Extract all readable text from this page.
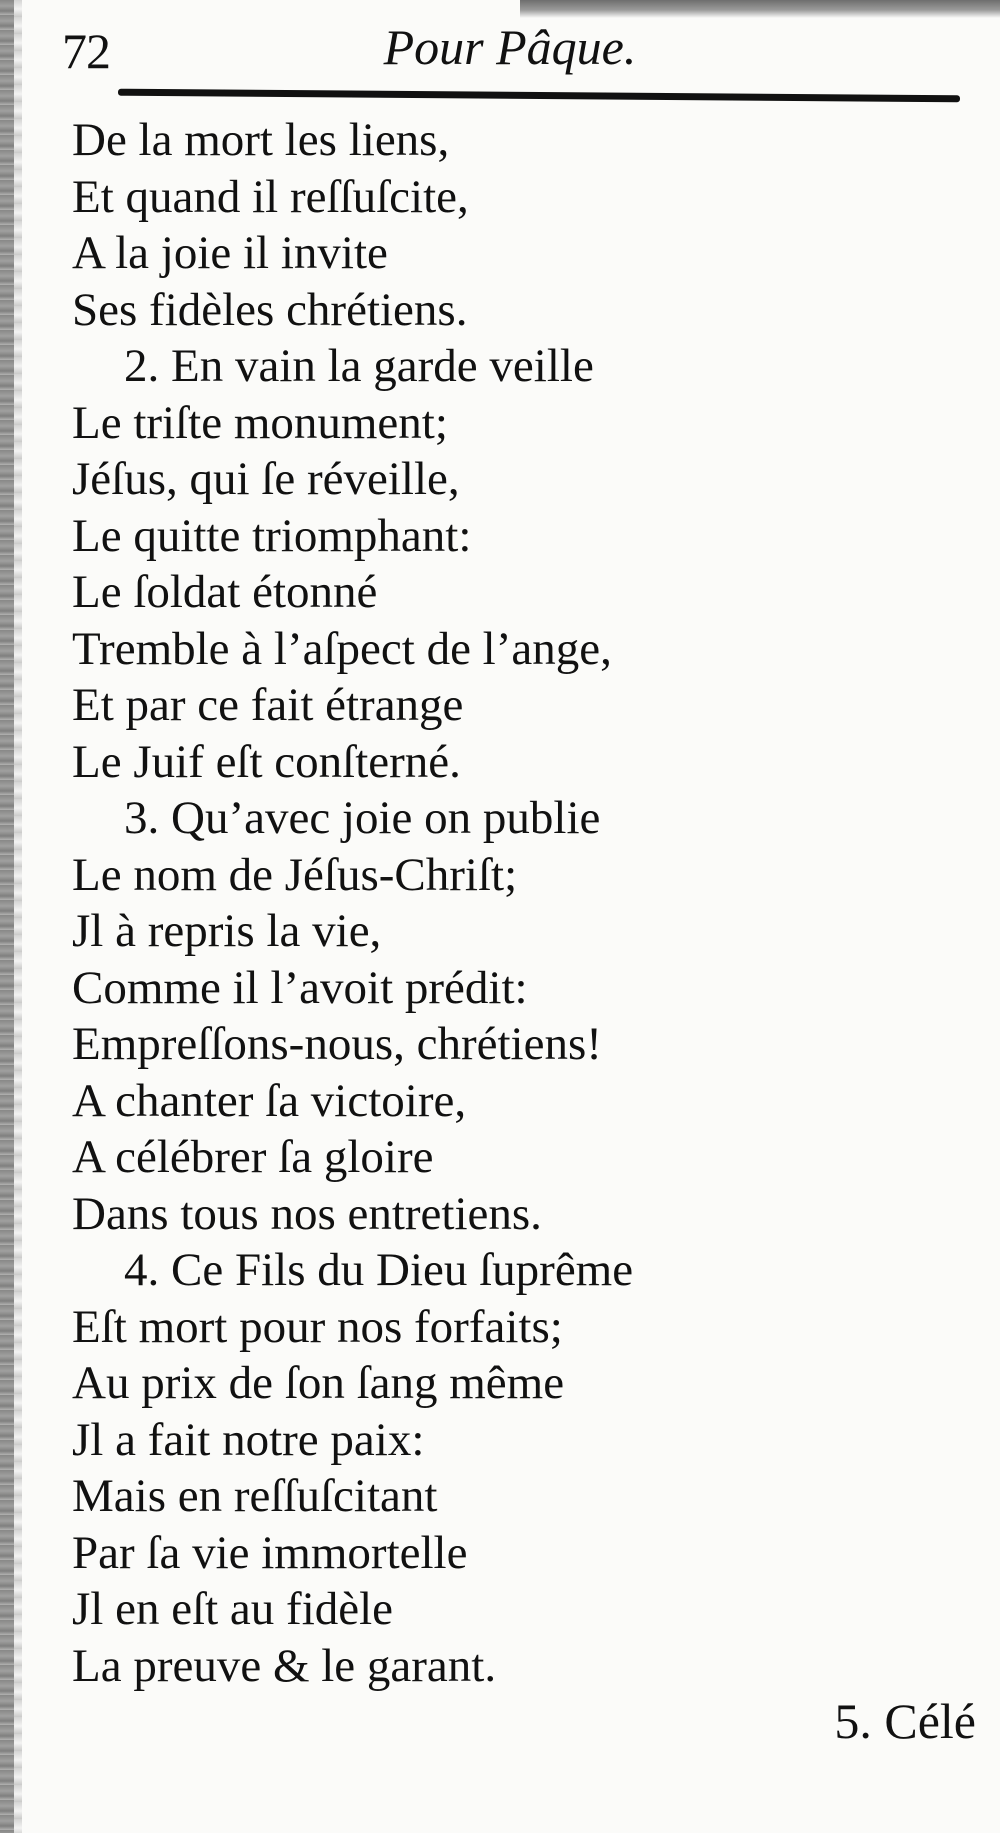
72	Pour Pâque.
De la mort les liens,
Et quand il reſſuſcite,
A la joie il invite
Ses fidèles chrétiens.
2. En vain la garde veille
Le triſte monument;
Jéſus, qui ſe réveille,
Le quitte triomphant:
Le ſoldat étonné
Tremble à l’aſpect de l’ange,
Et par ce fait étrange
Le Juif eſt conſterné.
3. Qu’avec joie on publie
Le nom de Jéſus-Chriſt;
Jl à repris la vie,
Comme il l’avoit prédit:
Empreſſons-nous, chrétiens!
A chanter ſa victoire,
A célébrer ſa gloire
Dans tous nos entretiens.
4. Ce Fils du Dieu ſuprême
Eſt mort pour nos forfaits;
Au prix de ſon ſang même
Jl a fait notre paix:
Mais en reſſuſcitant
Par ſa vie immortelle
Jl en eſt au fidèle
La preuve & le garant.
5. Célé
